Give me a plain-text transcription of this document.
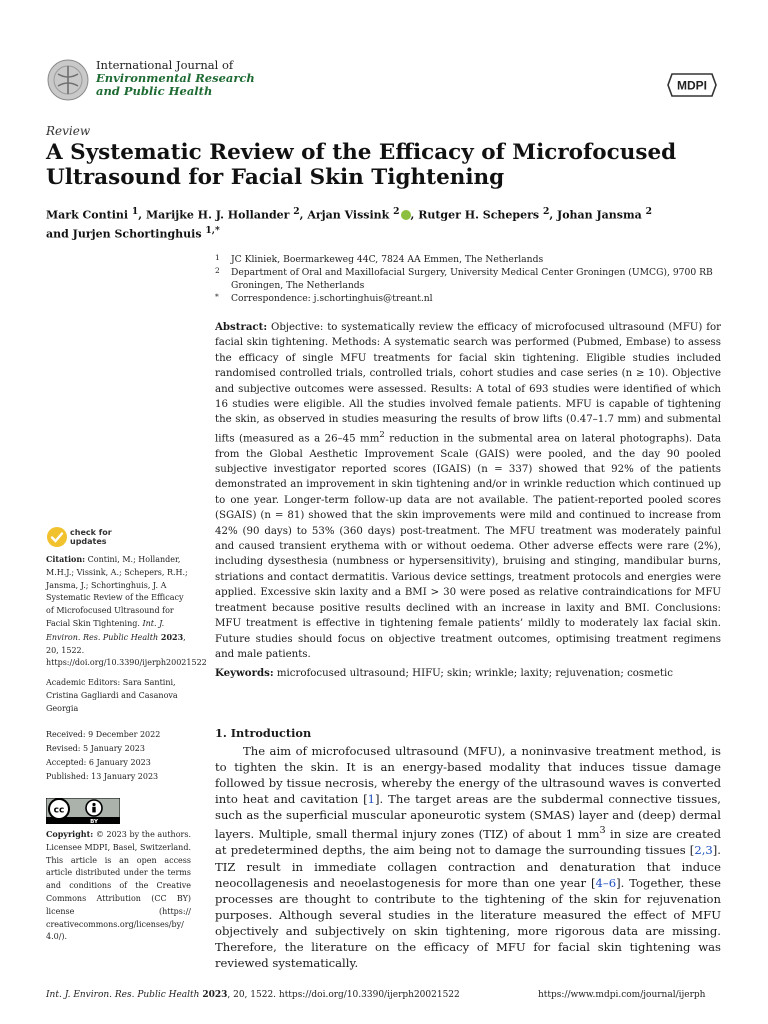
International Journal of
Environmental Research
and Public Health	MDPI
Review
A Systematic Review of the Efficacy of Microfocused Ultrasound for Facial Skin Tightening
Mark Contini $^1$, Marijke H. J. Hollander $^2$, Arjan Vissink $^2$ , Rutger H. Schepers $^2$, Johan Jansma $^2$
and Jurjen Schortinghuis $^{1,*}$
1 JC Kliniek, Boermarkeweg 44C, 7824 AA Emmen, The Netherlands
2 Department of Oral and Maxillofacial Surgery, University Medical Center Groningen (UMCG), 9700 RB Groningen, The Netherlands
* Correspondence: j.schortinghuis@treant.nl
Abstract: Objective: to systematically review the efficacy of microfocused ultrasound (MFU) for facial skin tightening. Methods: A systematic search was performed (Pubmed, Embase) to assess the efficacy of single MFU treatments for facial skin tightening. Eligible studies included randomised controlled trials, controlled trials, cohort studies and case series (n ≥ 10). Objective and subjective outcomes were assessed. Results: A total of 693 studies were identified of which 16 studies were eligible. All the studies involved female patients. MFU is capable of tightening the skin, as observed in studies measuring the results of brow lifts (0.47–1.7 mm) and submental lifts (measured as a 26–45 $mm^2$ reduction in the submental area on lateral photographs). Data from the Global Aesthetic Improvement Scale (GAIS) were pooled, and the day 90 pooled subjective investigator reported scores (IGAIS) (n = 337) showed that 92% of the patients demonstrated an improvement in skin tightening and/or in wrinkle reduction which continued up to one year. Longer-term follow-up data are not available. The patient-reported pooled scores (SGAIS) (n = 81) showed that the skin improvements were mild and continued to increase from 42% (90 days) to 53% (360 days) post-treatment. The MFU treatment was moderately painful and caused transient erythema with or without oedema. Other adverse effects were rare (2%), including dysesthesia (numbness or hypersensitivity), bruising and stinging, mandibular burns, striations and contact dermatitis. Various device settings, treatment protocols and energies were applied. Excessive skin laxity and a BMI > 30 were posed as relative contraindications for MFU treatment because positive results declined with an increase in laxity and BMI. Conclusions: MFU treatment is effective in tightening female patients’ mildly to moderately lax facial skin. Future studies should focus on objective treatment outcomes, optimising treatment regimens and male patients.
Keywords: microfocused ultrasound; HIFU; skin; wrinkle; laxity; rejuvenation; cosmetic
check for
updates
Citation: Contini, M.; Hollander, M.H.J.; Vissink, A.; Schepers, R.H.; Jansma, J.; Schortinghuis, J. A Systematic Review of the Efficacy of Microfocused Ultrasound for Facial Skin Tightening. Int. J. Environ. Res. Public Health 2023, 20, 1522. https://doi.org/10.3390/ijerph20021522
Academic Editors: Sara Santini, Cristina Gagliardi and Casanova Georgia
Received: 9 December 2022
Revised: 5 January 2023
Accepted: 6 January 2023
Published: 13 January 2023
cc
BY
Copyright: © 2023 by the authors. Licensee MDPI, Basel, Switzerland. This article is an open access article distributed under the terms and conditions of the Creative Commons Attribution (CC BY) license (https:// creativecommons.org/licenses/by/ 4.0/).
1. Introduction
The aim of microfocused ultrasound (MFU), a noninvasive treatment method, is to tighten the skin. It is an energy-based modality that induces tissue damage followed by tissue necrosis, whereby the energy of the ultrasound waves is converted into heat and cavitation [1]. The target areas are the subdermal connective tissues, such as the superficial muscular aponeurotic system (SMAS) layer and (deep) dermal layers. Multiple, small thermal injury zones (TIZ) of about 1 $mm^3$ in size are created at predetermined depths, the aim being not to damage the surrounding tissues [2,3]. TIZ result in immediate collagen contraction and denaturation that induce neocollagenesis and neoelastogenesis for more than one year [4–6]. Together, these processes are thought to contribute to the tightening of the skin for rejuvenation purposes. Although several studies in the literature measured the effect of MFU objectively and subjectively on skin tightening, more rigorous data are missing. Therefore, the literature on the efficacy of MFU for facial skin tightening was reviewed systematically.
Int. J. Environ. Res. Public Health 2023, 20, 1522. https://doi.org/10.3390/ijerph20021522	https://www.mdpi.com/journal/ijerph
